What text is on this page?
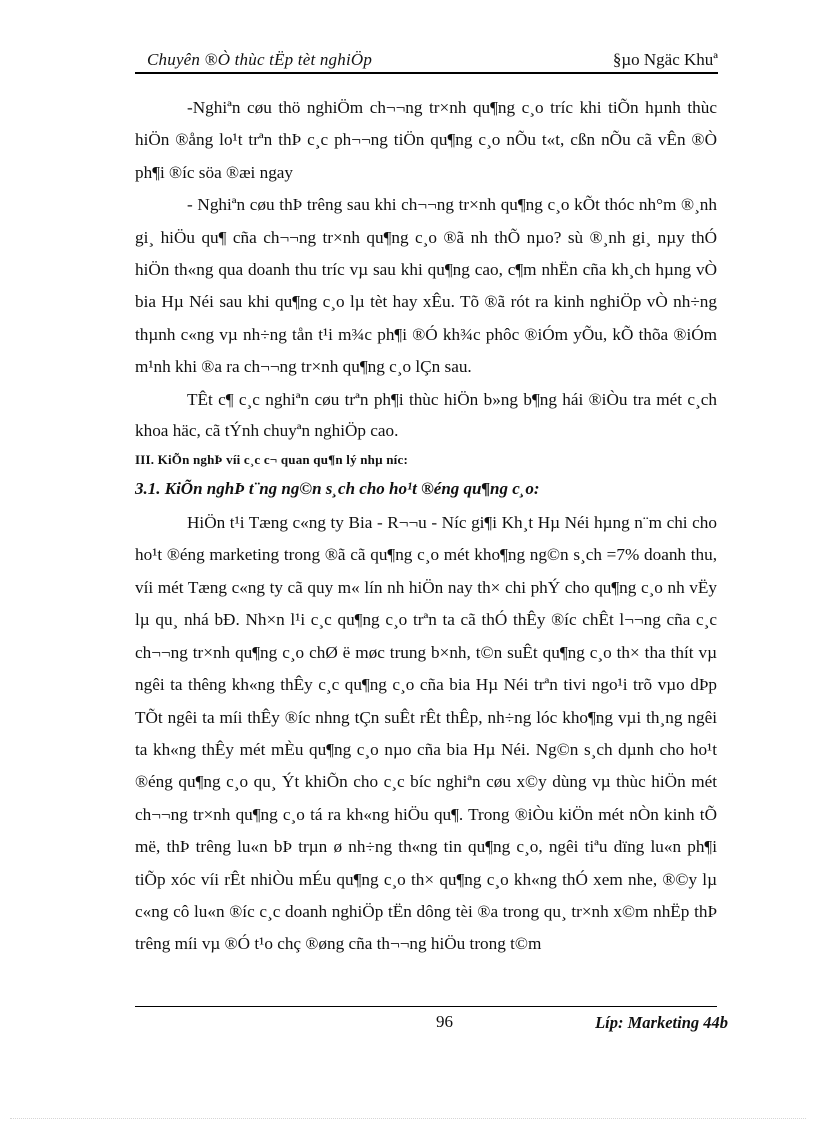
Chuyên ®Ò thùc tËp tèt nghiÖp	§µo Ngäc Khuª

-Nghiªn cøu thö nghiÖm ch¬¬ng tr×nh qu¶ng c¸o tríc khi tiÕn hµnh thùc hiÖn ®ång lo¹t trªn thÞ c¸c ph¬¬ng tiÖn qu¶ng c¸o nÕu t«t, cßn nÕu cã vÊn ®Ò ph¶i ®íc söa ®æi ngay

- Nghiªn cøu thÞ trêng sau khi ch¬¬ng tr×nh qu¶ng c¸o kÕt thóc nh°m ®¸nh gi¸ hiÖu qu¶ cña ch¬¬ng tr×nh qu¶ng c¸o ®ã nh thÕ nµo? sù ®¸nh gi¸ nµy thÓ hiÖn th«ng qua doanh thu tríc vµ sau khi qu¶ng cao, c¶m nhËn cña kh¸ch hµng vÒ bia Hµ Néi sau khi qu¶ng c¸o lµ tèt hay xÊu. Tõ ®ã rót ra kinh nghiÖp vÒ nh÷ng thµnh c«ng vµ nh÷ng tån t¹i m¾c ph¶i ®Ó kh¾c phôc ®iÓm yÕu, kÕ thõa ®iÓm m¹nh khi ®a ra ch¬¬ng tr×nh qu¶ng c¸o lÇn sau.

TÊt c¶ c¸c nghiªn cøu trªn ph¶i thùc hiÖn b»ng b¶ng hái ®iÒu tra mét c¸ch khoa häc, cã tÝnh chuyªn nghiÖp cao.

III. KiÕn nghÞ víi c¸c c¬ quan qu¶n lý nhµ níc:
3.1. KiÕn nghÞ t¨ng ng©n s¸ch cho ho¹t ®éng qu¶ng c¸o:

HiÖn t¹i Tæng c«ng ty Bia - R¬¬u - Níc gi¶i Kh¸t Hµ Néi hµng n¨m chi cho ho¹t ®éng marketing trong ®ã cã qu¶ng c¸o mét kho¶ng ng©n s¸ch =7% doanh thu, víi mét Tæng c«ng ty cã quy m« lín nh hiÖn nay th× chi phÝ cho qu¶ng c¸o nh vËy lµ qu¸ nhá bÐ. Nh×n l¹i c¸c qu¶ng c¸o trªn ta cã thÓ thÊy ®íc chÊt l¬¬ng cña c¸c ch¬¬ng tr×nh qu¶ng c¸o chØ ë møc trung b×nh, t©n suÊt qu¶ng c¸o th× tha thít vµ ngêi ta thêng kh«ng thÊy c¸c qu¶ng c¸o cña bia Hµ Néi trªn tivi ngo¹i trõ vµo dÞp TÕt ngêi ta míi thÊy ®íc nhng tÇn suÊt rÊt thÊp, nh÷ng lóc kho¶ng vµi th¸ng ngêi ta kh«ng thÊy mét mÈu qu¶ng c¸o nµo cña bia Hµ Néi. Ng©n s¸ch dµnh cho ho¹t ®éng qu¶ng c¸o qu¸ Ýt khiÕn cho c¸c bíc nghiªn cøu x©y dùng vµ thùc hiÖn mét ch¬¬ng tr×nh qu¶ng c¸o tá ra kh«ng hiÖu qu¶. Trong ®iÒu kiÖn mét nÒn kinh tÕ më, thÞ trêng lu«n bÞ trµn ø nh÷ng th«ng tin qu¶ng c¸o, ngêi tiªu dïng lu«n ph¶i tiÕp xóc víi rÊt nhiÒu mÉu qu¶ng c¸o th× qu¶ng c¸o kh«ng thÓ xem nhe, ®©y lµ c«ng cô lu«n ®íc c¸c doanh nghiÖp tËn dông tèi ®a trong qu¸ tr×nh x©m nhËp thÞ trêng míi vµ ®Ó t¹o chç ®øng cña th¬¬ng hiÖu trong t©m

96	Líp: Marketing 44b
